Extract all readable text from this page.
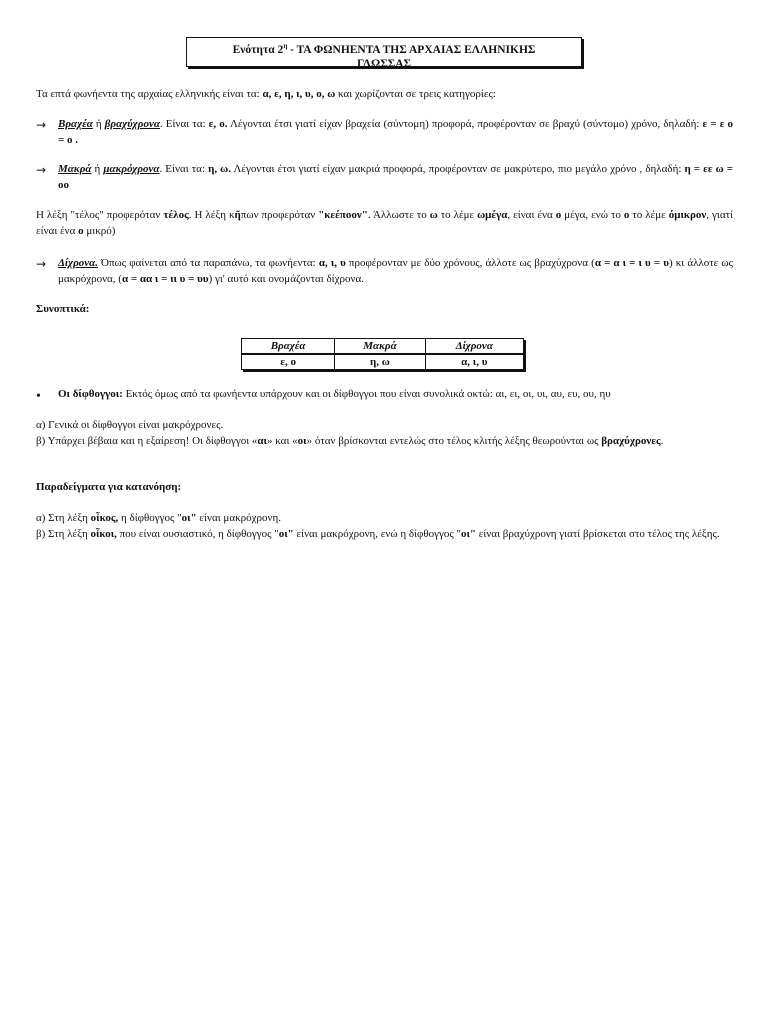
Ενότητα $2^\eta$ - ΤΑ ΦΩΝΗΕΝΤΑ ΤΗΣ ΑΡΧΑΙΑΣ ΕΛΛΗΝΙΚΗΣ
ΓΛΩΣΣΑΣ
Τα επτά φωνήεντα της αρχαίας ελληνικής είναι τα: α, ε, η, ι, υ, ο, ω και χωρίζονται σε τρεις κατηγορίες:
→ Βραχέα ή βραχύχρονα. Είναι τα: ε, ο. Λέγονται έτσι γιατί είχαν βραχεία (σύντομη) προφορά, προφέρονταν σε βραχύ (σύντομο) χρόνο, δηλαδή: ε = ε ο = ο .
→ Μακρά ή μακρόχρονα. Είναι τα: η, ω. Λέγονται έτσι γιατί είχαν μακριά προφορά, προφέρονταν σε μακρύτερο, πιο μεγάλο χρόνο , δηλαδή: η = εε ω = οο
Η λέξη "τέλος" προφερόταν τέλος. Η λέξη κῆπων προφερόταν "κεέπoον". Άλλωστε το ω το λέμε ωμέγα, είναι ένα ο μέγα, ενώ το ο το λέμε όμικρον, γιατί είναι ένα ο μικρό)
→ Δίχρονα. Όπως φαίνεται από τα παραπάνω, τα φωνήεντα: α, ι, υ προφέρονταν με δύο χρόνους, άλλοτε ως βραχύχρονα (α = α ι = ι υ = υ) κι άλλοτε ως μακρόχρονα, (α = αα ι = ιι υ = υυ) γι' αυτό και ονομάζονται δίχρονα.
Συνοπτικά:
Βραχέα	Μακρά	Δίχρονα
ε, ο	η, ω	α, ι, υ
• Οι δίφθογγοι: Εκτός όμως από τα φωνήεντα υπάρχουν και οι δίφθογγοι που είναι συνολικά οκτώ: αι, ει, οι, υι, αυ, ευ, ου, ηυ
α) Γενικά οι δίφθογγοι είναι μακρόχρονες.
β) Υπάρχει βέβαια και η εξαίρεση! Οι δίφθογγοι «αι» και «οι» όταν βρίσκονται εντελώς στο τέλος κλιτής λέξης θεωρούνται ως βραχύχρονες.
Παραδείγματα για κατανόηση:
α) Στη λέξη οἶκος, η δίφθογγος "οι" είναι μακρόχρονη.
β) Στη λέξη οἶκοι, που είναι ουσιαστικό, η δίφθογγος "οι" είναι μακρόχρονη, ενώ η δίφθογγος "οι" είναι βραχύχρονη γιατί βρίσκεται στο τέλος της λέξης.
